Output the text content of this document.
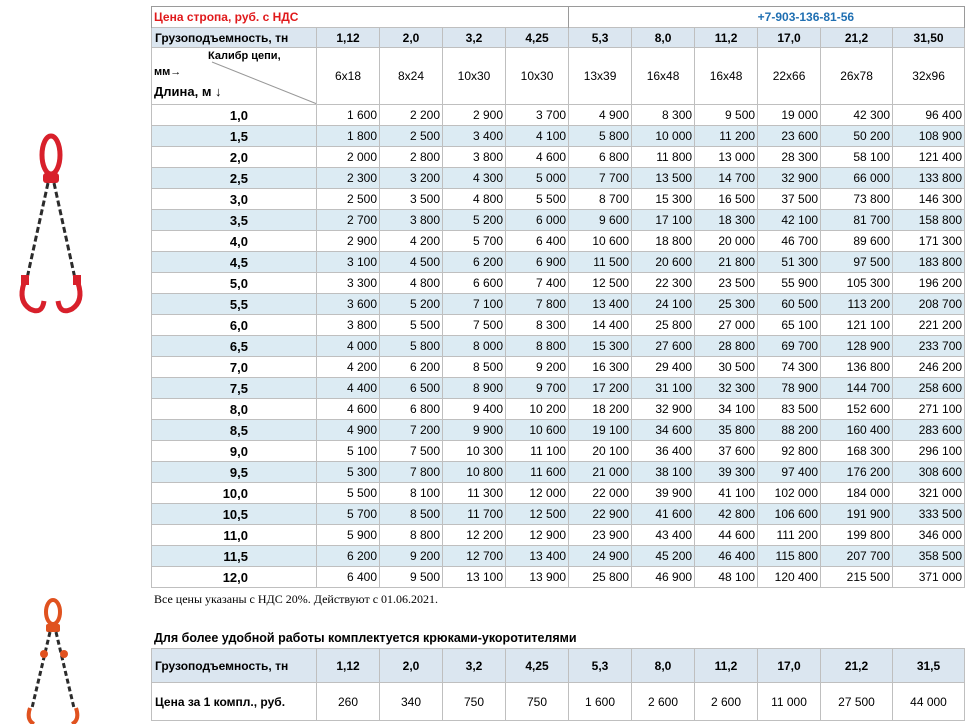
Цена стропа, руб. с НДС					+7-903-136-81-56					
Грузоподъемность, тн	1,12	2,0	3,2	4,25	5,3	8,0	11,2	17,0	21,2	31,50

Калибр цепи,
мм→
Длина, м ↓	6x18	8x24	10x30	10x30	13x39	16x48	16x48	22x66	26x78	32x96
1,0	1 600	2 200	2 900	3 700	4 900	8 300	9 500	19 000	42 300	96 400
1,5	1 800	2 500	3 400	4 100	5 800	10 000	11 200	23 600	50 200	108 900
2,0	2 000	2 800	3 800	4 600	6 800	11 800	13 000	28 300	58 100	121 400
2,5	2 300	3 200	4 300	5 000	7 700	13 500	14 700	32 900	66 000	133 800
3,0	2 500	3 500	4 800	5 500	8 700	15 300	16 500	37 500	73 800	146 300
3,5	2 700	3 800	5 200	6 000	9 600	17 100	18 300	42 100	81 700	158 800
4,0	2 900	4 200	5 700	6 400	10 600	18 800	20 000	46 700	89 600	171 300
4,5	3 100	4 500	6 200	6 900	11 500	20 600	21 800	51 300	97 500	183 800
5,0	3 300	4 800	6 600	7 400	12 500	22 300	23 500	55 900	105 300	196 200
5,5	3 600	5 200	7 100	7 800	13 400	24 100	25 300	60 500	113 200	208 700
6,0	3 800	5 500	7 500	8 300	14 400	25 800	27 000	65 100	121 100	221 200
6,5	4 000	5 800	8 000	8 800	15 300	27 600	28 800	69 700	128 900	233 700
7,0	4 200	6 200	8 500	9 200	16 300	29 400	30 500	74 300	136 800	246 200
7,5	4 400	6 500	8 900	9 700	17 200	31 100	32 300	78 900	144 700	258 600
8,0	4 600	6 800	9 400	10 200	18 200	32 900	34 100	83 500	152 600	271 100
8,5	4 900	7 200	9 900	10 600	19 100	34 600	35 800	88 200	160 400	283 600
9,0	5 100	7 500	10 300	11 100	20 100	36 400	37 600	92 800	168 300	296 100
9,5	5 300	7 800	10 800	11 600	21 000	38 100	39 300	97 400	176 200	308 600
10,0	5 500	8 100	11 300	12 000	22 000	39 900	41 100	102 000	184 000	321 000
10,5	5 700	8 500	11 700	12 500	22 900	41 600	42 800	106 600	191 900	333 500
11,0	5 900	8 800	12 200	12 900	23 900	43 400	44 600	111 200	199 800	346 000
11,5	6 200	9 200	12 700	13 400	24 900	45 200	46 400	115 800	207 700	358 500
12,0	6 400	9 500	13 100	13 900	25 800	46 900	48 100	120 400	215 500	371 000
Все цены указаны с НДС 20%. Действуют с 01.06.2021.
Для более удобной работы комплектуется крюками-укоротителями
Грузоподъемность, тн	1,12	2,0	3,2	4,25	5,3	8,0	11,2	17,0	21,2	31,5
Цена за 1 компл., руб.	260	340	750	750	1 600	2 600	2 600	11 000	27 500	44 000
